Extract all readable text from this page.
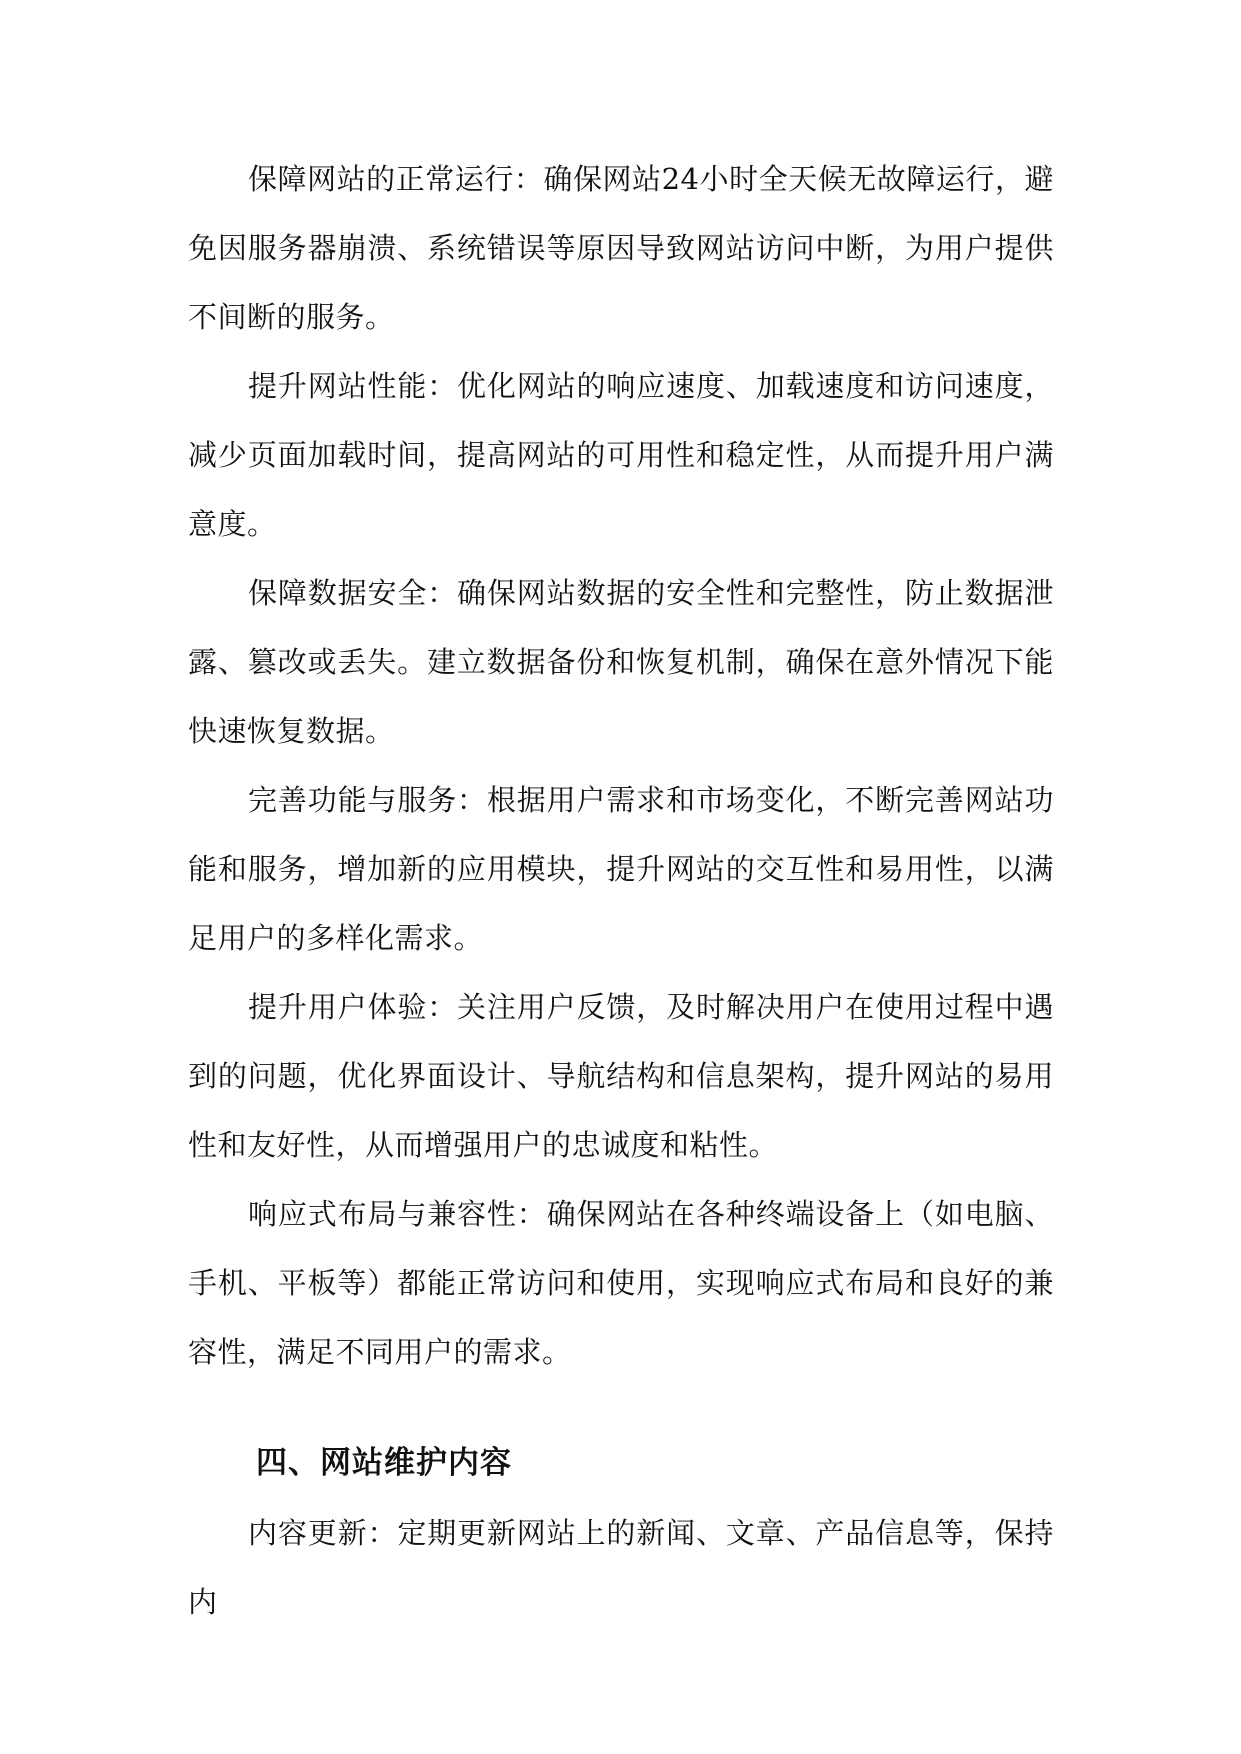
保障网站的正常运行：确保网站24小时全天候无故障运行，避免因服务器崩溃、系统错误等原因导致网站访问中断，为用户提供不间断的服务。

提升网站性能：优化网站的响应速度、加载速度和访问速度，减少页面加载时间，提高网站的可用性和稳定性，从而提升用户满意度。

保障数据安全：确保网站数据的安全性和完整性，防止数据泄露、篡改或丢失。建立数据备份和恢复机制，确保在意外情况下能快速恢复数据。

完善功能与服务：根据用户需求和市场变化，不断完善网站功能和服务，增加新的应用模块，提升网站的交互性和易用性，以满足用户的多样化需求。

提升用户体验：关注用户反馈，及时解决用户在使用过程中遇到的问题，优化界面设计、导航结构和信息架构，提升网站的易用性和友好性，从而增强用户的忠诚度和粘性。

响应式布局与兼容性：确保网站在各种终端设备上（如电脑、手机、平板等）都能正常访问和使用，实现响应式布局和良好的兼容性，满足不同用户的需求。

四、网站维护内容

内容更新：定期更新网站上的新闻、文章、产品信息等，保持内
